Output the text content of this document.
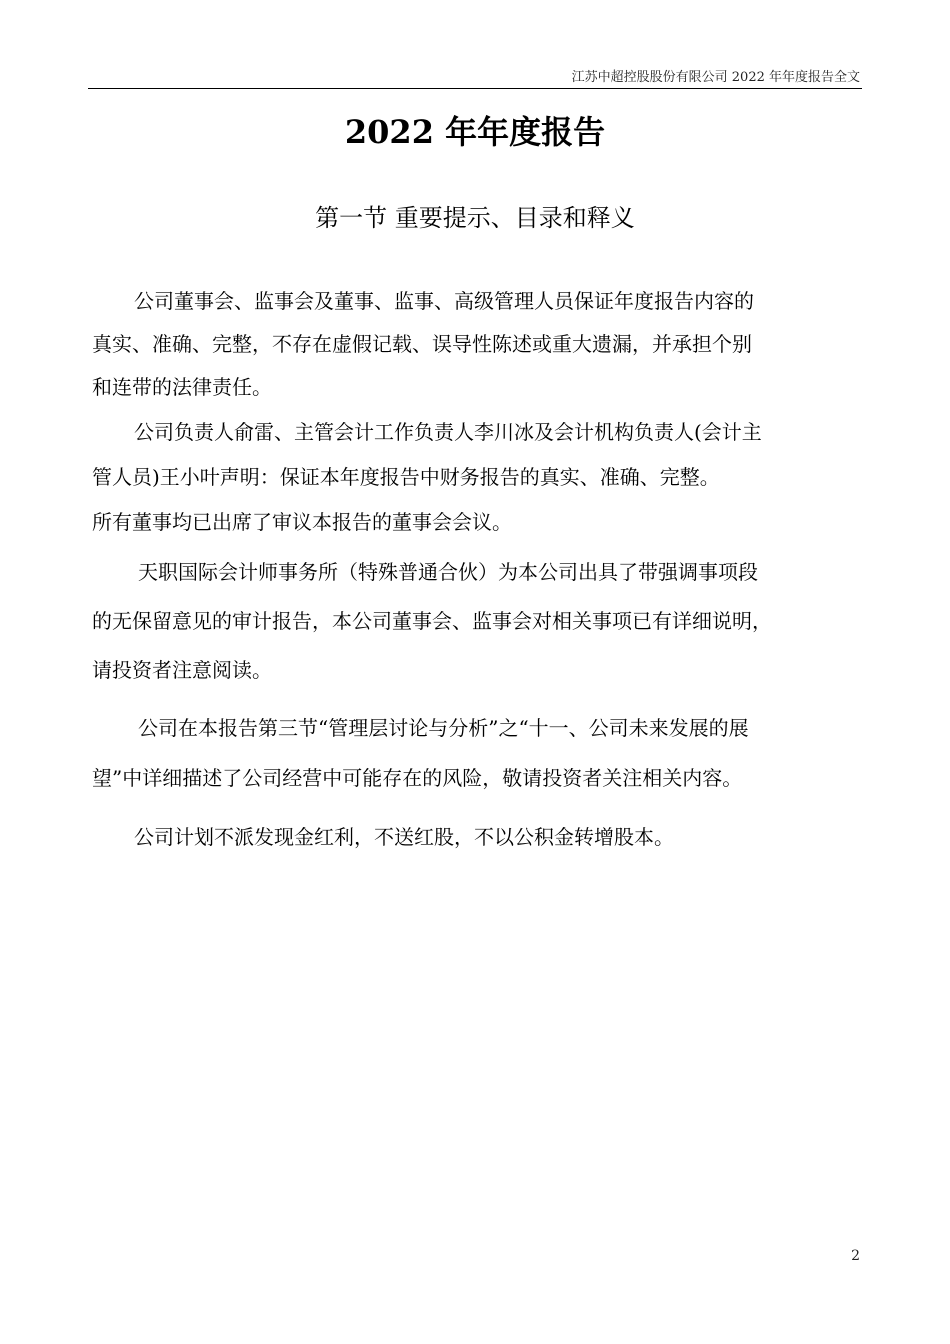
江苏中超控股股份有限公司 2022 年年度报告全文
2022 年年度报告
第一节 重要提示、目录和释义
公司董事会、监事会及董事、监事、高级管理人员保证年度报告内容的
真实、准确、完整，不存在虚假记载、误导性陈述或重大遗漏，并承担个别
和连带的法律责任。
公司负责人俞雷、主管会计工作负责人李川冰及会计机构负责人(会计主
管人员)王小叶声明：保证本年度报告中财务报告的真实、准确、完整。
所有董事均已出席了审议本报告的董事会会议。
天职国际会计师事务所（特殊普通合伙）为本公司出具了带强调事项段
的无保留意见的审计报告，本公司董事会、监事会对相关事项已有详细说明，
请投资者注意阅读。
公司在本报告第三节“管理层讨论与分析”之“十一、公司未来发展的展
望”中详细描述了公司经营中可能存在的风险，敬请投资者关注相关内容。
公司计划不派发现金红利，不送红股，不以公积金转增股本。
2
